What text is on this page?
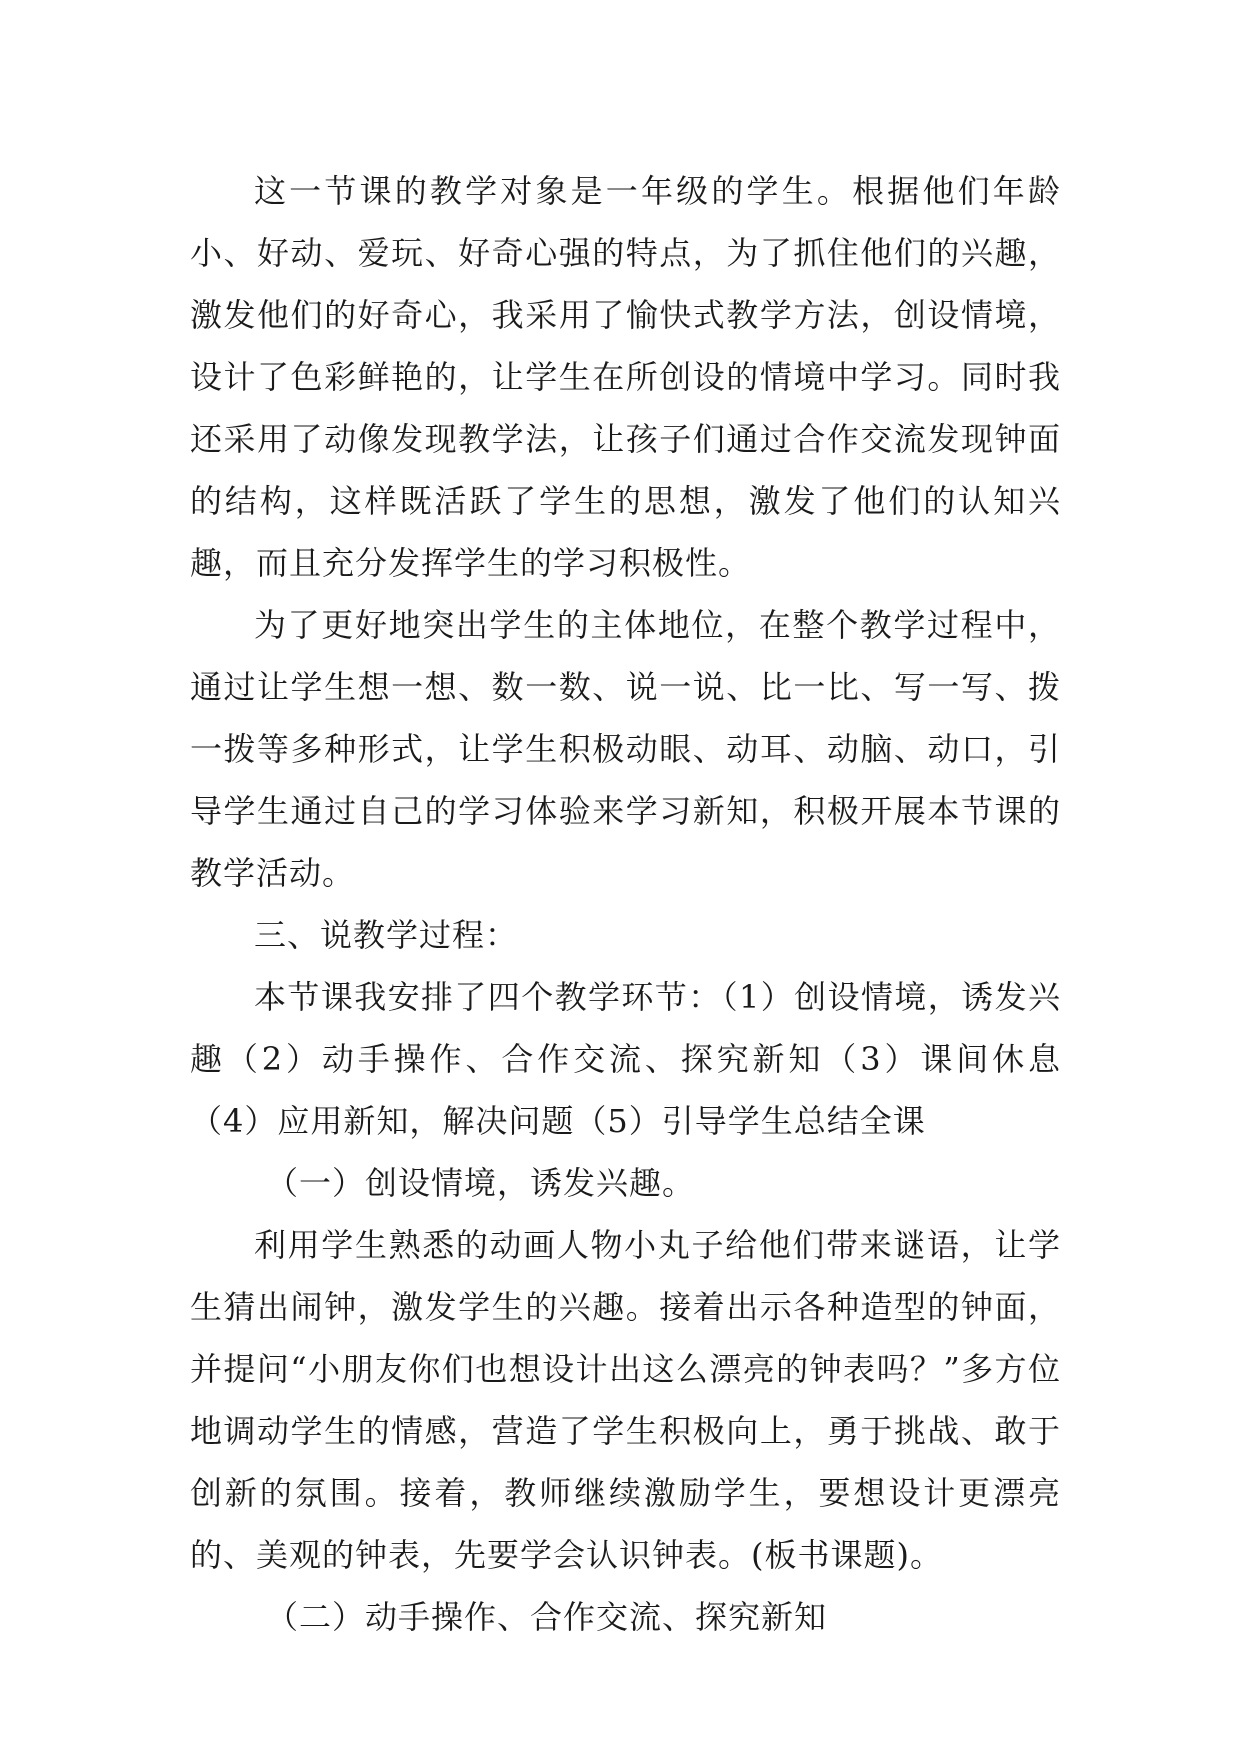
这一节课的教学对象是一年级的学生。根据他们年龄小、好动、爱玩、好奇心强的特点，为了抓住他们的兴趣，激发他们的好奇心，我采用了愉快式教学方法，创设情境，设计了色彩鲜艳的，让学生在所创设的情境中学习。同时我还采用了动像发现教学法，让孩子们通过合作交流发现钟面的结构，这样既活跃了学生的思想，激发了他们的认知兴趣，而且充分发挥学生的学习积极性。

为了更好地突出学生的主体地位，在整个教学过程中，通过让学生想一想、数一数、说一说、比一比、写一写、拨一拨等多种形式，让学生积极动眼、动耳、动脑、动口，引导学生通过自己的学习体验来学习新知，积极开展本节课的教学活动。

三、说教学过程：

本节课我安排了四个教学环节：（1）创设情境，诱发兴趣（2）动手操作、合作交流、探究新知（3）课间休息（4）应用新知，解决问题（5）引导学生总结全课

（一）创设情境，诱发兴趣。

利用学生熟悉的动画人物小丸子给他们带来谜语，让学生猜出闹钟，激发学生的兴趣。接着出示各种造型的钟面，并提问“小朋友你们也想设计出这么漂亮的钟表吗？”多方位地调动学生的情感，营造了学生积极向上，勇于挑战、敢于创新的氛围。接着，教师继续激励学生，要想设计更漂亮的、美观的钟表，先要学会认识钟表。(板书课题)。

（二）动手操作、合作交流、探究新知
